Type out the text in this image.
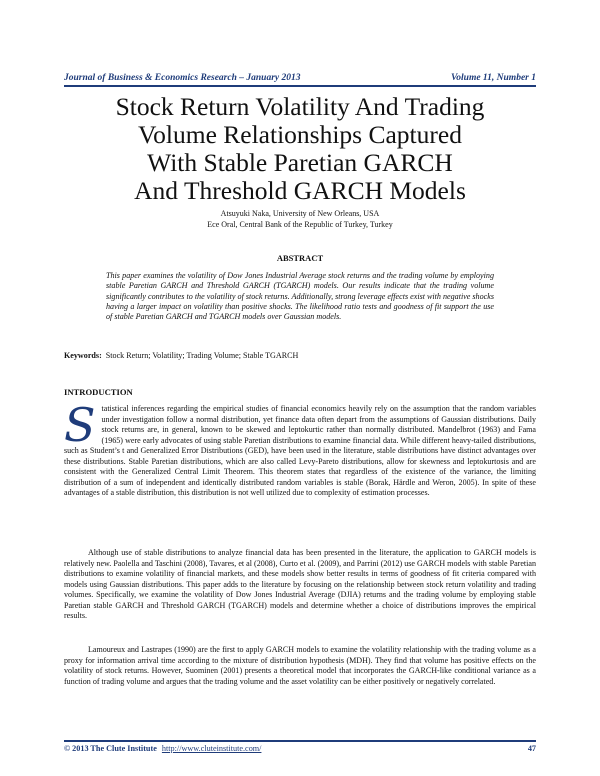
Journal of Business & Economics Research – January 2013	Volume 11, Number 1
Stock Return Volatility And Trading
Volume Relationships Captured
With Stable Paretian GARCH
And Threshold GARCH Models
Atsuyuki Naka, University of New Orleans, USA
Ece Oral, Central Bank of the Republic of Turkey, Turkey
ABSTRACT
This paper examines the volatility of Dow Jones Industrial Average stock returns and the trading volume by employing stable Paretian GARCH and Threshold GARCH (TGARCH) models. Our results indicate that the trading volume significantly contributes to the volatility of stock returns. Additionally, strong leverage effects exist with negative shocks having a larger impact on volatility than positive shocks. The likelihood ratio tests and goodness of fit support the use of stable Paretian GARCH and TGARCH models over Gaussian models.
Keywords: Stock Return; Volatility; Trading Volume; Stable TGARCH
INTRODUCTION
Statistical inferences regarding the empirical studies of financial economics heavily rely on the assumption that the random variables under investigation follow a normal distribution, yet finance data often depart from the assumptions of Gaussian distributions. Daily stock returns are, in general, known to be skewed and leptokurtic rather than normally distributed. Mandelbrot (1963) and Fama (1965) were early advocates of using stable Paretian distributions to examine financial data. While different heavy-tailed distributions, such as Student’s t and Generalized Error Distributions (GED), have been used in the literature, stable distributions have distinct advantages over these distributions. Stable Paretian distributions, which are also called Levy-Pareto distributions, allow for skewness and leptokurtosis and are consistent with the Generalized Central Limit Theorem. This theorem states that regardless of the existence of the variance, the limiting distribution of a sum of independent and identically distributed random variables is stable (Borak, Härdle and Weron, 2005). In spite of these advantages of a stable distribution, this distribution is not well utilized due to complexity of estimation processes.
Although use of stable distributions to analyze financial data has been presented in the literature, the application to GARCH models is relatively new. Paolella and Taschini (2008), Tavares, et al (2008), Curto et al. (2009), and Parrini (2012) use GARCH models with stable Paretian distributions to examine volatility of financial markets, and these models show better results in terms of goodness of fit criteria compared with models using Gaussian distributions. This paper adds to the literature by focusing on the relationship between stock return volatility and trading volumes. Specifically, we examine the volatility of Dow Jones Industrial Average (DJIA) returns and the trading volume by employing stable Paretian stable GARCH and Threshold GARCH (TGARCH) models and determine whether a choice of distributions improves the empirical results.
Lamoureux and Lastrapes (1990) are the first to apply GARCH models to examine the volatility relationship with the trading volume as a proxy for information arrival time according to the mixture of distribution hypothesis (MDH). They find that volume has positive effects on the volatility of stock returns. However, Suominen (2001) presents a theoretical model that incorporates the GARCH-like conditional variance as a function of trading volume and argues that the trading volume and the asset volatility can be either positively or negatively correlated.
© 2013 The Clute Institute http://www.cluteinstitute.com/	47
